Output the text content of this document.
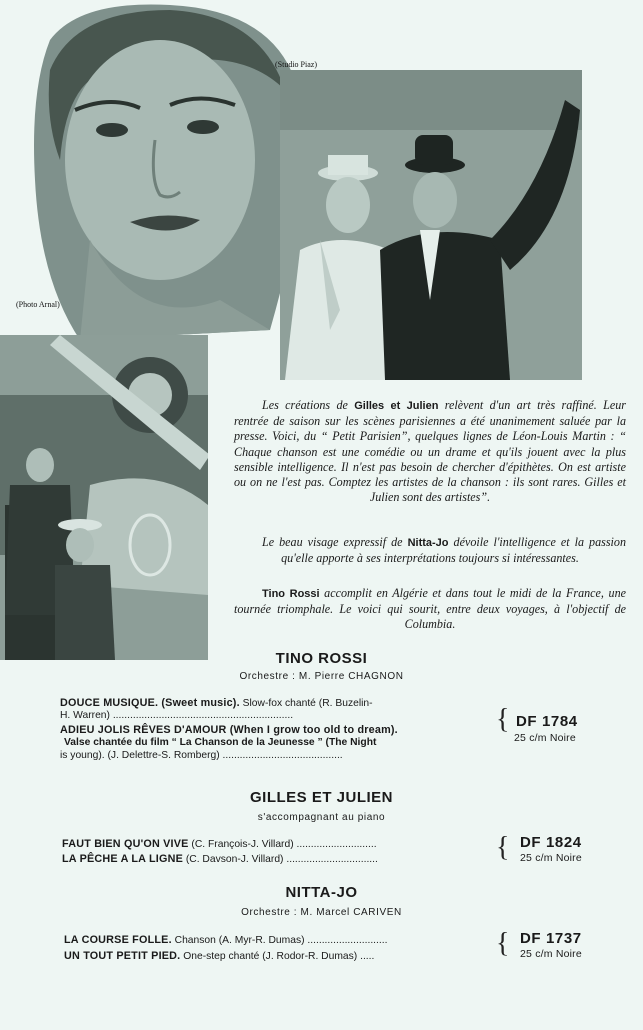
(Studio Piaz)
(Photo Arnal)

Les créations de Gilles et Julien relèvent d'un art très raffiné. Leur rentrée de saison sur les scènes parisiennes a été unanimement saluée par la presse. Voici, du “ Petit Parisien”, quelques lignes de Léon-Louis Martin : “ Chaque chanson est une comédie ou un drame et qu'ils jouent avec la plus sensible intelligence. Il n'est pas besoin de chercher d'épithètes. On est artiste ou on ne l'est pas. Comptez les artistes de la chanson : ils sont rares. Gilles et Julien sont des artistes”.

Le beau visage expressif de Nitta-Jo dévoile l'intelligence et la passion qu'elle apporte à ses interprétations toujours si intéressantes.

Tino Rossi accomplit en Algérie et dans tout le midi de la France, une tournée triomphale. Le voici qui sourit, entre deux voyages, à l'objectif de Columbia.

TINO ROSSI
Orchestre : M. Pierre CHAGNON
DOUCE MUSIQUE. (Sweet music). Slow-fox chanté (R. Buzelin-
H. Warren) ...............................................................
ADIEU JOLIS RÊVES D'AMOUR (When I grow too old to dream).
Valse chantée du film “ La Chanson de la Jeunesse ” (The Night
is young). (J. Delettre-S. Romberg) ..........................................
{ DF 1784
25 c/m Noire
GILLES ET JULIEN
s'accompagnant au piano
FAUT BIEN QU'ON VIVE (C. François-J. Villard) ............................
LA PÊCHE A LA LIGNE (C. Davson-J. Villard) ................................	{ DF 1824
25 c/m Noire
NITTA-JO
Orchestre : M. Marcel CARIVEN
LA COURSE FOLLE. Chanson (A. Myr-R. Dumas) ............................
UN TOUT PETIT PIED. One-step chanté (J. Rodor-R. Dumas) .....	{ DF 1737
25 c/m Noire
